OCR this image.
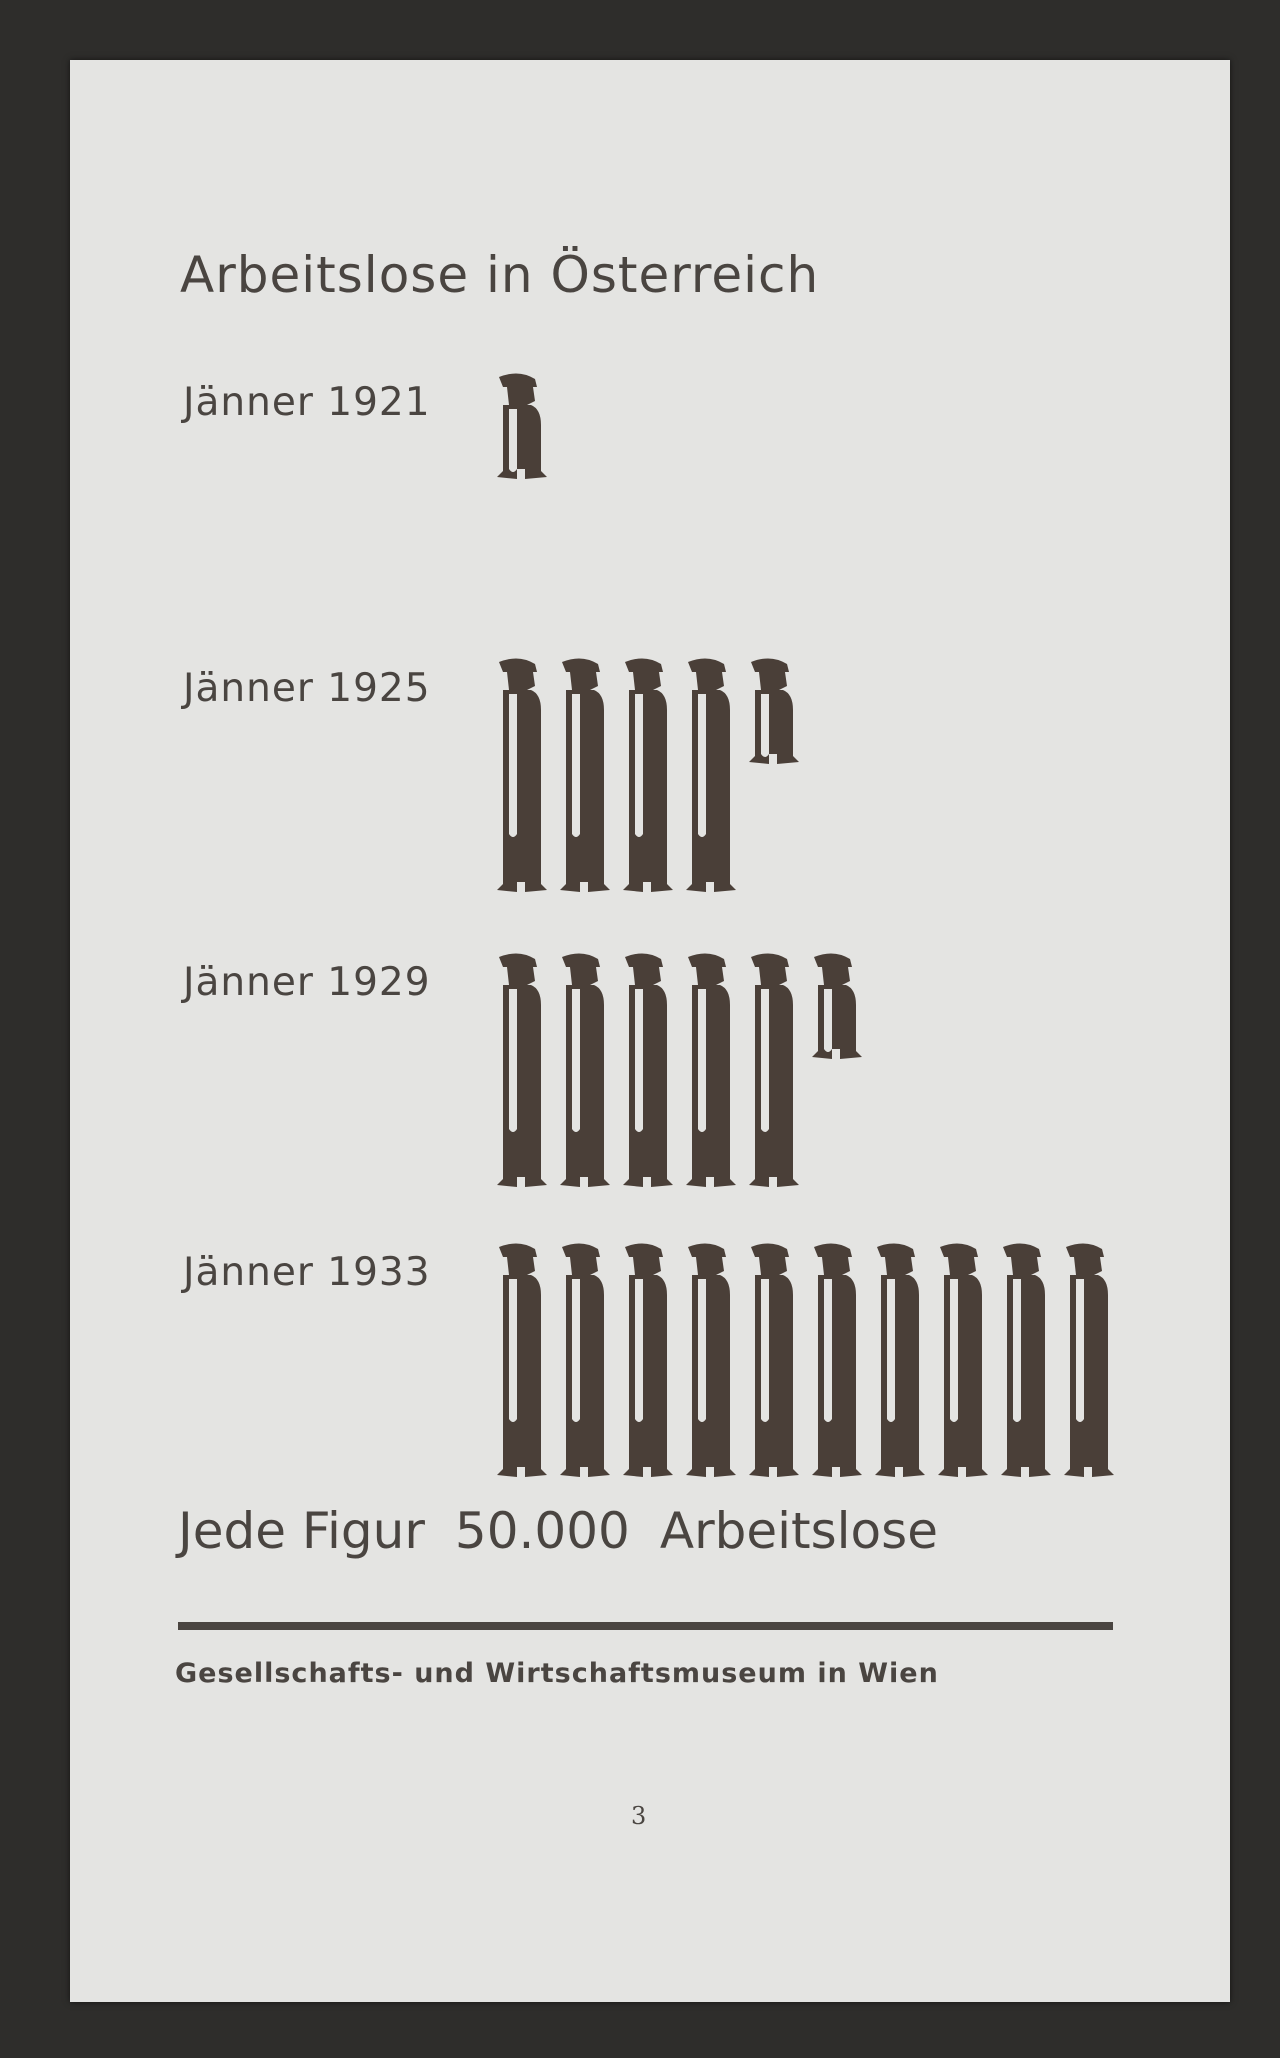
Arbeitslose in Österreich
Jänner 1921
Jänner 1925
Jänner 1929
Jänner 1933
Jede Figur 50.000 Arbeitslose
Gesellschafts- und Wirtschaftsmuseum in Wien
3
